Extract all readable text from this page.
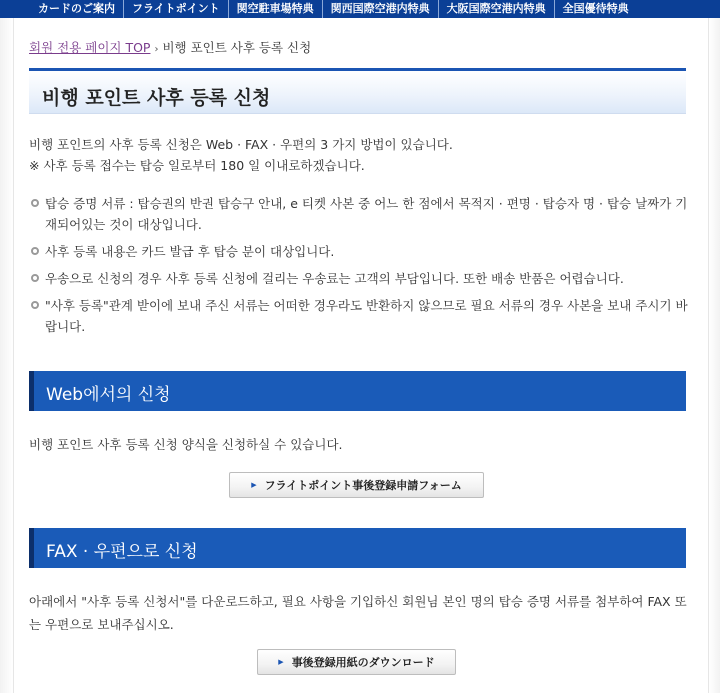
カードのご案内	フライトポイント	関空駐車場特典	関西国際空港内特典	大阪国際空港内特典	全国優待特典
회원 전용 페이지 TOP › 비행 포인트 사후 등록 신청
비행 포인트 사후 등록 신청
비행 포인트의 사후 등록 신청은 Web · FAX · 우편의 3 가지 방법이 있습니다.
※ 사후 등록 접수는 탑승 일로부터 180 일 이내로하겠습니다.
탑승 증명 서류 : 탑승권의 반권 탑승구 안내, e 티켓 사본 중 어느 한 점에서 목적지 · 편명 · 탑승자 명 · 탑승 날짜가 기재되어있는 것이 대상입니다.
사후 등록 내용은 카드 발급 후 탑승 분이 대상입니다.
우송으로 신청의 경우 사후 등록 신청에 걸리는 우송료는 고객의 부담입니다. 또한 배송 반품은 어렵습니다.
"사후 등록"관계 받이에 보내 주신 서류는 어떠한 경우라도 반환하지 않으므로 필요 서류의 경우 사본을 보내 주시기 바랍니다.
Web에서의 신청
비행 포인트 사후 등록 신청 양식을 신청하실 수 있습니다.
▶ フライトポイント事後登録申請フォーム
FAX · 우편으로 신청
아래에서 "사후 등록 신청서"를 다운로드하고, 필요 사항을 기입하신 회원님 본인 명의 탑승 증명 서류를 첨부하여 FAX 또는 우편으로 보내주십시오.
▶ 事後登録用紙のダウンロード
